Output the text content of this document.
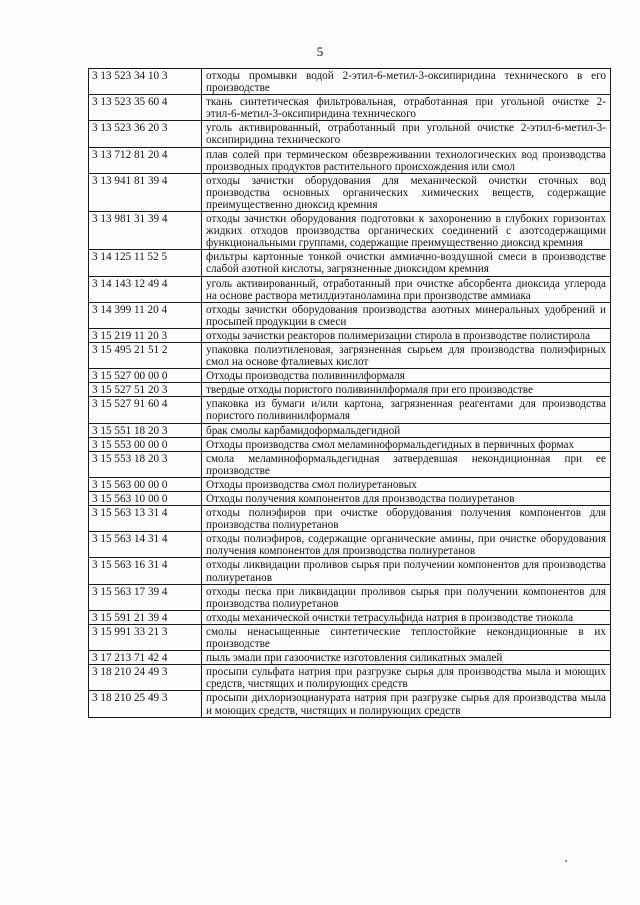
5
3 13 523 34 10 3	отходы промывки водой 2-этил-6-метил-3-оксипиридина технического в его производстве
3 13 523 35 60 4	ткань синтетическая фильтровальная, отработанная при угольной очистке 2-этил-6-метил-3-оксипиридина технического
3 13 523 36 20 3	уголь активированный, отработанный при угольной очистке 2-этил-6-метил-3-оксипиридина технического
3 13 712 81 20 4	плав солей при термическом обезвреживании технологических вод производства производных продуктов растительного происхождения или смол
3 13 941 81 39 4	отходы зачистки оборудования для механической очистки сточных вод производства основных органических химических веществ, содержащие преимущественно диоксид кремния
3 13 981 31 39 4	отходы зачистки оборудования подготовки к захоронению в глубоких горизонтах жидких отходов производства органических соединений с азотсодержащими функциональными группами, содержащие преимущественно диоксид кремния
3 14 125 11 52 5	фильтры картонные тонкой очистки аммиачно-воздушной смеси в производстве слабой азотной кислоты, загрязненные диоксидом кремния
3 14 143 12 49 4	уголь активированный, отработанный при очистке абсорбента диоксида углерода на основе раствора метилдиэтаноламина при производстве аммиака
3 14 399 11 20 4	отходы зачистки оборудования производства азотных минеральных удобрений и просыпей продукции в смеси
3 15 219 11 20 3	отходы зачистки реакторов полимеризации стирола в производстве полистирола
3 15 495 21 51 2	упаковка полиэтиленовая, загрязненная сырьем для производства полиэфирных смол на основе фталиевых кислот
3 15 527 00 00 0	Отходы производства поливинилформаля
3 15 527 51 20 3	твердые отходы пористого поливинилформаля при его производстве
3 15 527 91 60 4	упаковка из бумаги и/или картона, загрязненная реагентами для производства пористого поливинилформаля
3 15 551 18 20 3	брак смолы карбамидоформальдегидной
3 15 553 00 00 0	Отходы производства смол меламиноформальдегидных в первичных формах
3 15 553 18 20 3	смола меламиноформальдегидная затвердевшая некондиционная при ее производстве
3 15 563 00 00 0	Отходы производства смол полиуретановых
3 15 563 10 00 0	Отходы получения компонентов для производства полиуретанов
3 15 563 13 31 4	отходы полиэфиров при очистке оборудования получения компонентов для производства полиуретанов
3 15 563 14 31 4	отходы полиэфиров, содержащие органические амины, при очистке оборудования получения компонентов для производства полиуретанов
3 15 563 16 31 4	отходы ликвидации проливов сырья при получении компонентов для производства полиуретанов
3 15 563 17 39 4	отходы песка при ликвидации проливов сырья при получении компонентов для производства полиуретанов
3 15 591 21 39 4	отходы механической очистки тетрасульфида натрия в производстве тиокола
3 15 991 33 21 3	смолы ненасыщенные синтетические теплостойкие некондиционные в их производстве
3 17 213 71 42 4	пыль эмали при газоочистке изготовления силикатных эмалей
3 18 210 24 49 3	просыпи сульфата натрия при разгрузке сырья для производства мыла и моющих средств, чистящих и полирующих средств
3 18 210 25 49 3	просыпи дихлоризоцианурата натрия при разгрузке сырья для производства мыла и моющих средств, чистящих и полирующих средств
